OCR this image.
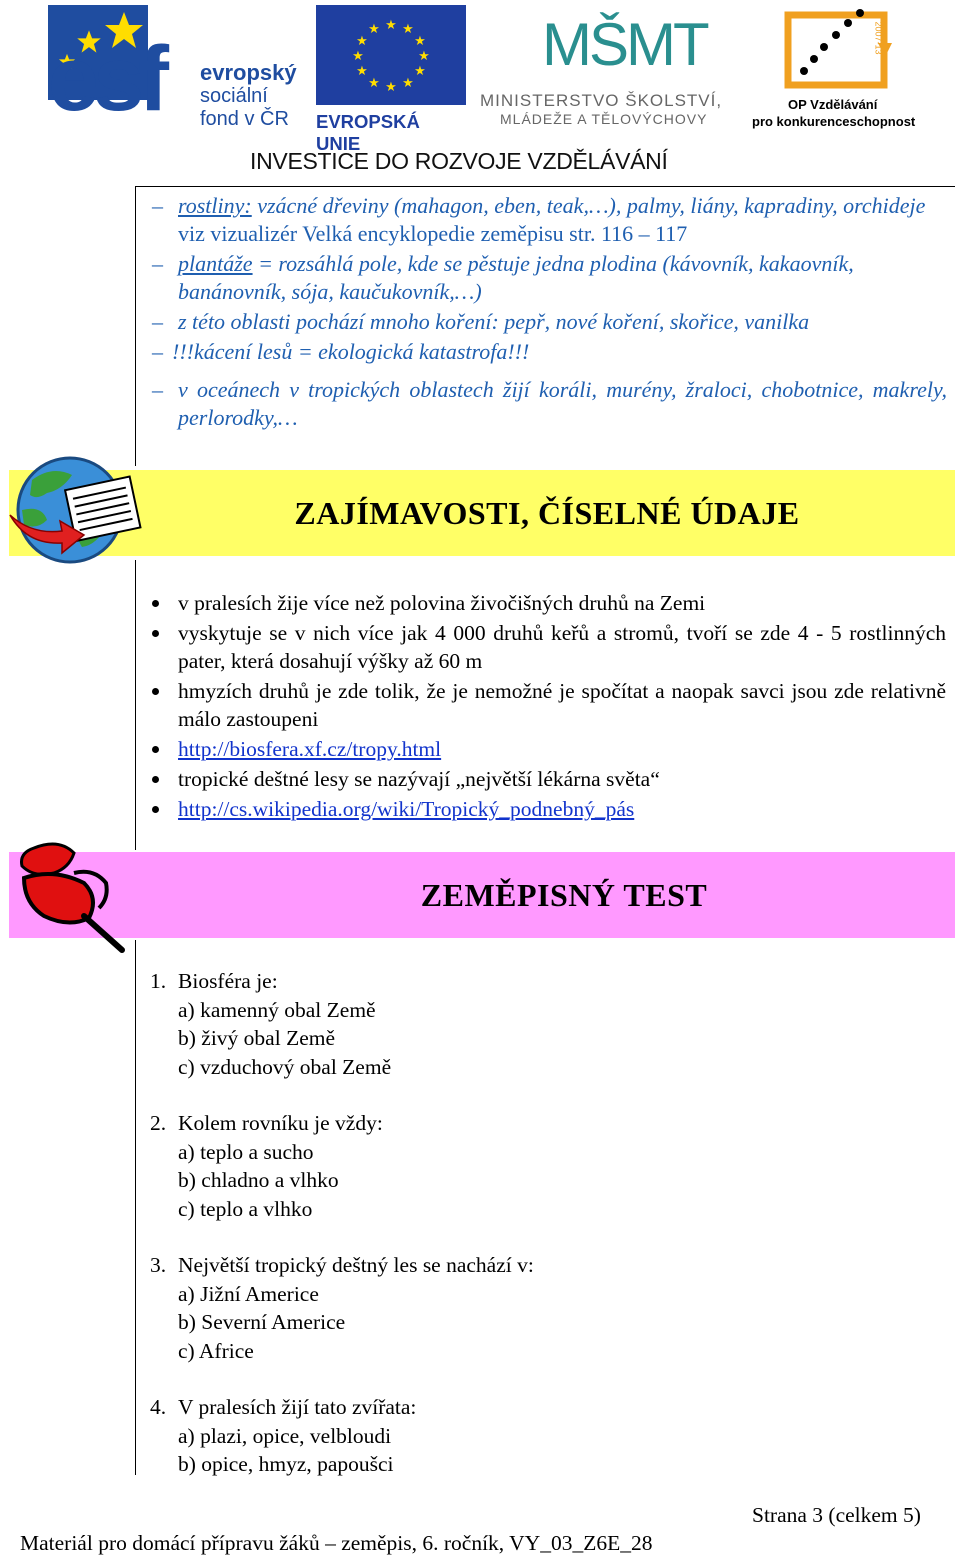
esf evropský
sociální
fond v ČR
★ ★
★
★
★
★
★
★
★
★
★
★
EVROPSKÁ UNIE
MŠMT
MINISTERSTVO ŠKOLSTVÍ,
MLÁDEŽE A TĚLOVÝCHOVY
2007-13
OP Vzdělávání
pro konkurenceschopnost
INVESTICE DO ROZVOJE VZDĚLÁVÁNÍ
– rostliny: vzácné dřeviny (mahagon, eben, teak,…), palmy, liány, kapradiny, orchideje viz vizualizér Velká encyklopedie zeměpisu str. 116 – 117
– plantáže = rozsáhlá pole, kde se pěstuje jedna plodina (kávovník, kakaovník, banánovník, sója, kaučukovník,…)
– z této oblasti pochází mnoho koření: pepř, nové koření, skořice, vanilka
– !!!kácení lesů = ekologická katastrofa!!!
– v oceánech v tropických oblastech žijí koráli, murény, žraloci, chobotnice, makrely, perlorodky,…
ZAJÍMAVOSTI, ČÍSELNÉ ÚDAJE
v pralesích žije více než polovina živočišných druhů na Zemi
vyskytuje se v nich více jak 4 000 druhů keřů a stromů, tvoří se zde 4 - 5 rostlinných pater, která dosahují výšky až 60 m
hmyzích druhů je zde tolik, že je nemožné je spočítat a naopak savci jsou zde relativně málo zastoupeni
http://biosfera.xf.cz/tropy.html
tropické deštné lesy se nazývají „největší lékárna světa“
http://cs.wikipedia.org/wiki/Tropický_podnebný_pás
ZEMĚPISNÝ TEST
1. Biosféra je:
a) kamenný obal Země
b) živý obal Země
c) vzduchový obal Země
2. Kolem rovníku je vždy:
a) teplo a sucho
b) chladno a vlhko
c) teplo a vlhko
3. Největší tropický deštný les se nachází v:
a) Jižní Americe
b) Severní Americe
c) Africe
4. V pralesích žijí tato zvířata:
a) plazi, opice, velbloudi
b) opice, hmyz, papoušci
Strana 3 (celkem 5)
Materiál pro domácí přípravu žáků – zeměpis, 6. ročník, VY_03_Z6E_28
